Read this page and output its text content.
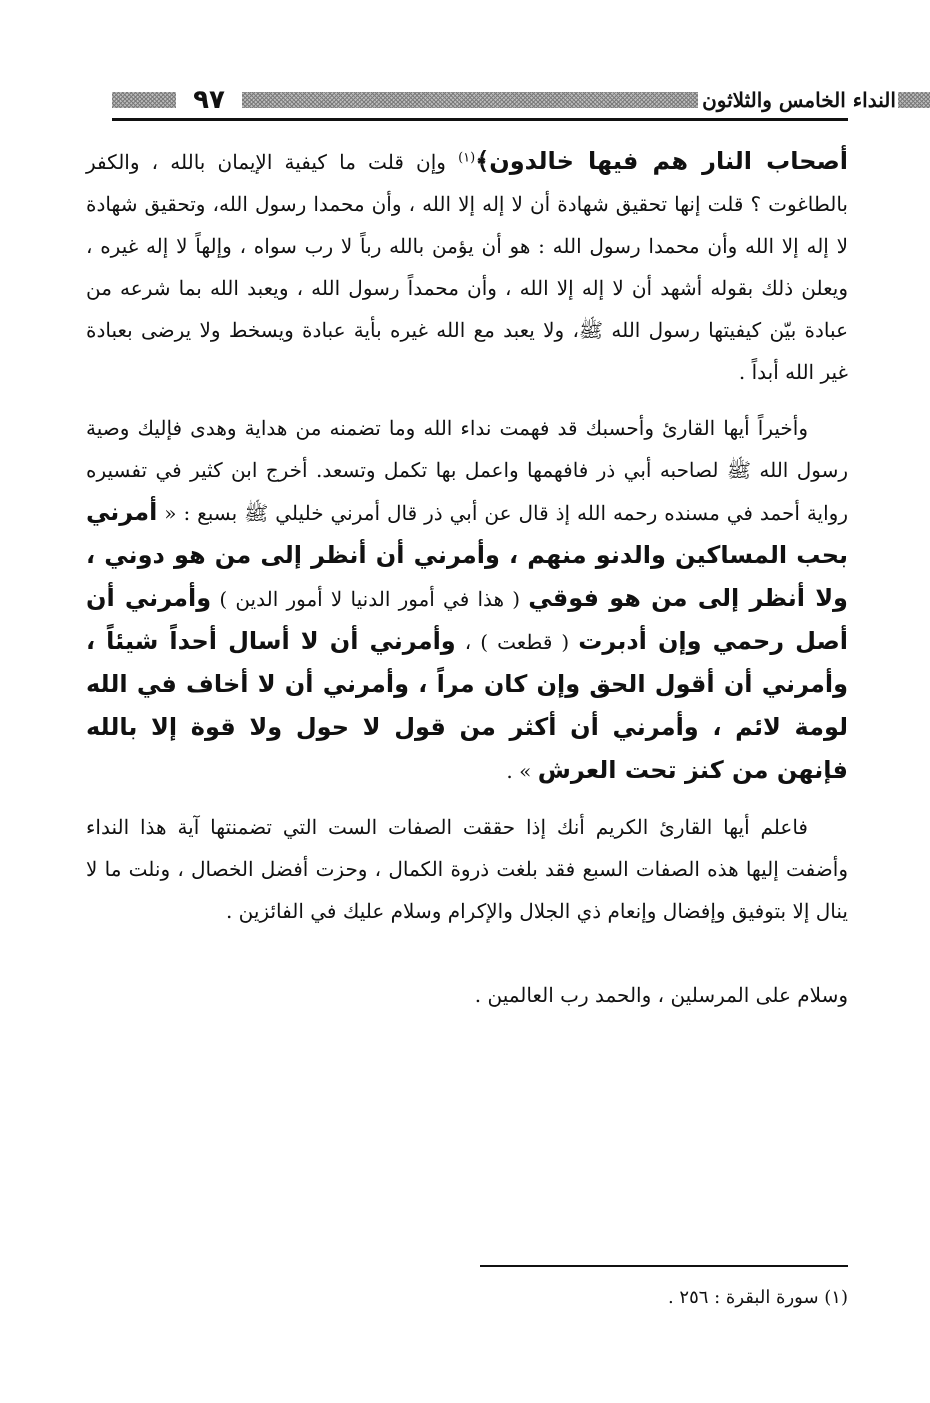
٩٧	النداء الخامس والثلاثون

أصحاب النار هم فيها خالدون﴾$^{(١)}$ وإن قلت ما كيفية الإيمان بالله ، والكفر بالطاغوت ؟ قلت إنها تحقيق شهادة أن لا إله إلا الله ، وأن محمدا رسول الله، وتحقيق شهادة لا إله إلا الله وأن محمدا رسول الله : هو أن يؤمن بالله رباً لا رب سواه ، وإلهاً لا إله غيره ، ويعلن ذلك بقوله أشهد أن لا إله إلا الله ، وأن محمداً رسول الله ، ويعبد الله بما شرعه من عبادة بيّن كيفيتها رسول الله ﷺ، ولا يعبد مع الله غيره بأية عبادة ويسخط ولا يرضى بعبادة غير الله أبداً .

وأخيراً أيها القارئ وأحسبك قد فهمت نداء الله وما تضمنه من هداية وهدى فإليك وصية رسول الله ﷺ لصاحبه أبي ذر فافهمها واعمل بها تكمل وتسعد. أخرج ابن كثير في تفسيره رواية أحمد في مسنده رحمه الله إذ قال عن أبي ذر قال أمرني خليلي ﷺ بسبع : « أمرني بحب المساكين والدنو منهم ، وأمرني أن أنظر إلى من هو دوني ، ولا أنظر إلى من هو فوقي ( هذا في أمور الدنيا لا أمور الدين ) وأمرني أن أصل رحمي وإن أدبرت ( قطعت ) ، وأمرني أن لا أسال أحداً شيئاً ، وأمرني أن أقول الحق وإن كان مراً ، وأمرني أن لا أخاف في الله لومة لائم ، وأمرني أن أكثر من قول لا حول ولا قوة إلا بالله فإنهن من كنز تحت العرش » .

فاعلم أيها القارئ الكريم أنك إذا حققت الصفات الست التي تضمنتها آية هذا النداء وأضفت إليها هذه الصفات السبع فقد بلغت ذروة الكمال ، وحزت أفضل الخصال ، ونلت ما لا ينال إلا بتوفيق وإفضال وإنعام ذي الجلال والإكرام وسلام عليك في الفائزين .

وسلام على المرسلين ، والحمد رب العالمين .

(١) سورة البقرة : ٢٥٦ .
